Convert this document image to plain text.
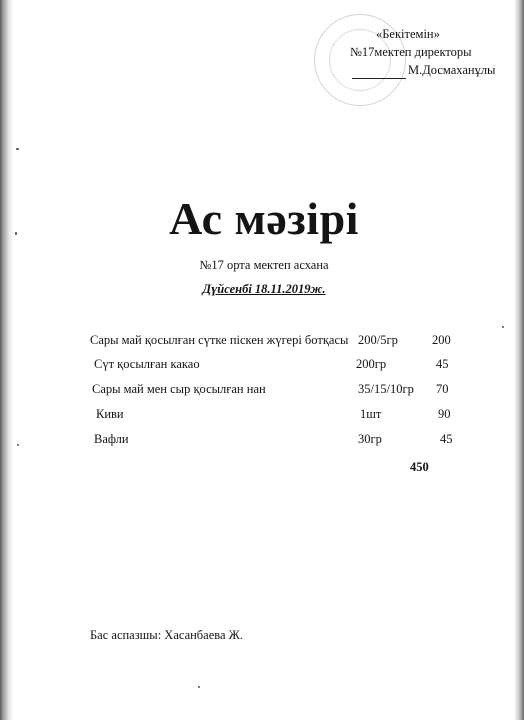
«Бекітемін»
№17мектеп директоры
М.Досмаханұлы
Ас мәзірі
№17 орта мектеп асхана
Дүйсенбі 18.11.2019ж.
Сары май қосылған сүтке піскен жүгері ботқасы 200/5гр	200
Сүт қосылған какао	200гр	45
Сары май мен сыр қосылған нан	35/15/10гр 70
Киви	1шт	90
Вафли	30гр	45
450
Бас аспазшы: Хасанбаева Ж.
